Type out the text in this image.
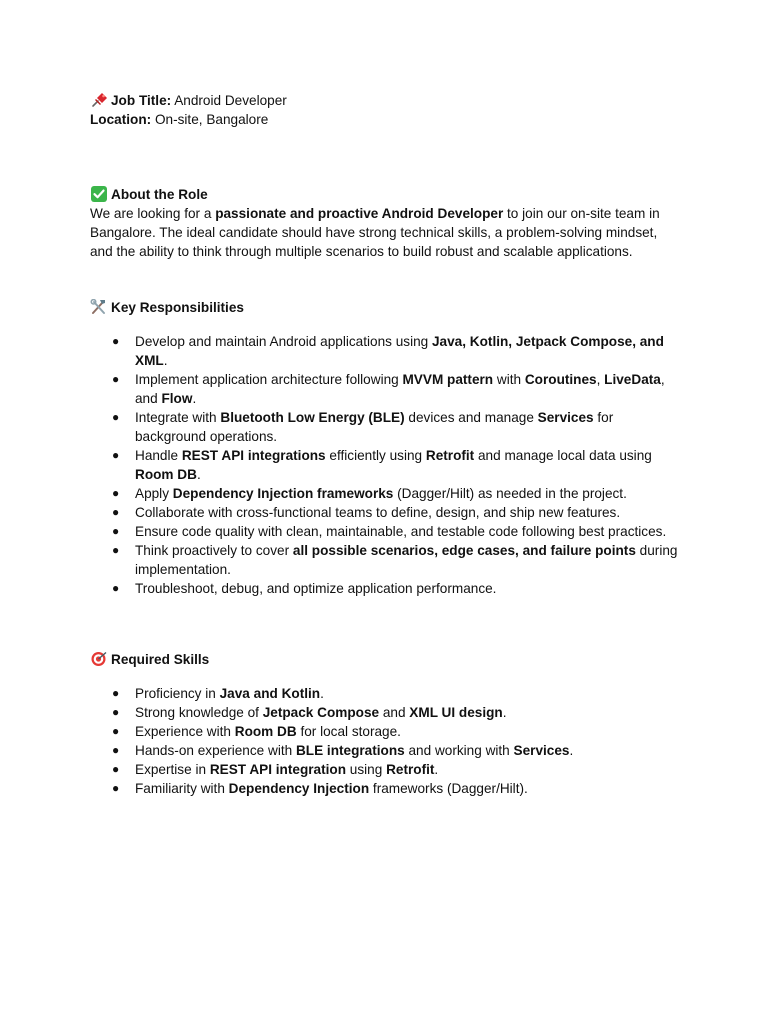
Job Title: Android Developer

Location: On-site, Bangalore

About the Role

We are looking for a passionate and proactive Android Developer to join our on-site team in Bangalore. The ideal candidate should have strong technical skills, a problem-solving mindset, and the ability to think through multiple scenarios to build robust and scalable applications.

Key Responsibilities

● Develop and maintain Android applications using Java, Kotlin, Jetpack Compose, and XML.
● Implement application architecture following MVVM pattern with Coroutines, LiveData, and Flow.
● Integrate with Bluetooth Low Energy (BLE) devices and manage Services for background operations.
● Handle REST API integrations efficiently using Retrofit and manage local data using Room DB.
● Apply Dependency Injection frameworks (Dagger/Hilt) as needed in the project.
● Collaborate with cross-functional teams to define, design, and ship new features.
● Ensure code quality with clean, maintainable, and testable code following best practices.
● Think proactively to cover all possible scenarios, edge cases, and failure points during implementation.
● Troubleshoot, debug, and optimize application performance.

Required Skills

● Proficiency in Java and Kotlin.
● Strong knowledge of Jetpack Compose and XML UI design.
● Experience with Room DB for local storage.
● Hands-on experience with BLE integrations and working with Services.
● Expertise in REST API integration using Retrofit.
● Familiarity with Dependency Injection frameworks (Dagger/Hilt).
